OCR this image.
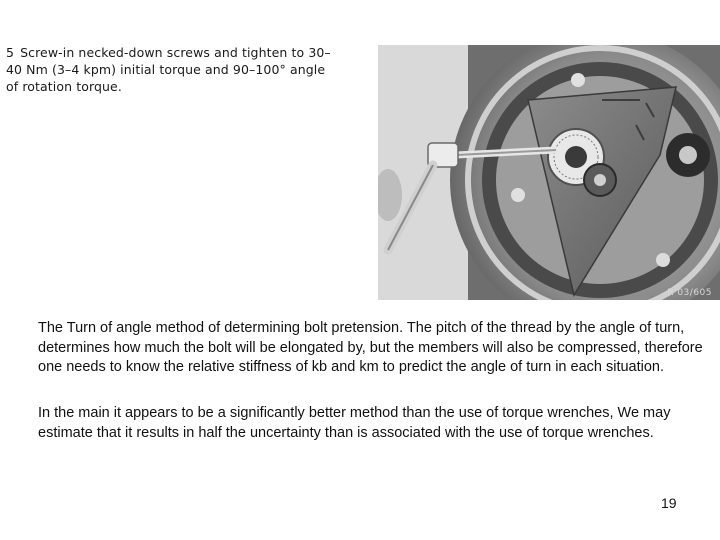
5 Screw-in necked-down screws and tighten to 30–
40 Nm (3–4 kpm) initial torque and 90–100° angle
of rotation torque.
R 03/605
The Turn of angle method of determining bolt pretension. The pitch of the thread by the angle of turn, determines how much the bolt will be elongated by, but the members will also be compressed, therefore one needs to know the relative stiffness of kb and km to predict the angle of turn in each situation.
In the main it appears to be a significantly better method than the use of torque wrenches, We may estimate that it results in half the uncertainty than is associated with the use of torque wrenches.
19
